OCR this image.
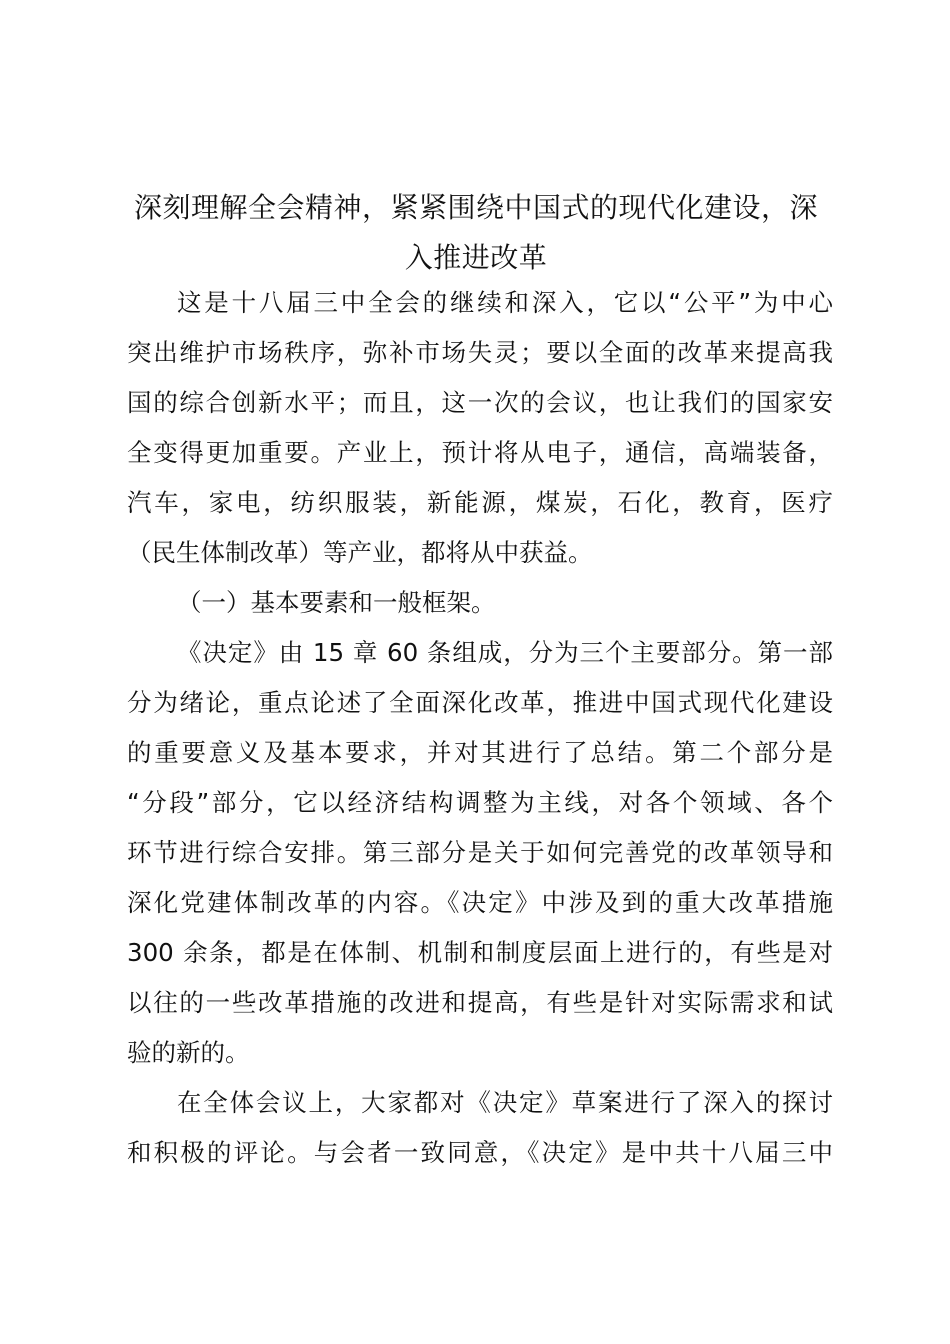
深刻理解全会精神，紧紧围绕中国式的现代化建设，深
入推进改革
这是十八届三中全会的继续和深入，它以“公平”为中心
突出维护市场秩序，弥补市场失灵；要以全面的改革来提高我
国的综合创新水平；而且，这一次的会议，也让我们的国家安
全变得更加重要。产业上，预计将从电子，通信，高端装备，
汽车，家电，纺织服装，新能源，煤炭，石化，教育，医疗
（民生体制改革）等产业，都将从中获益。
（一）基本要素和一般框架。
《决定》由 15 章 60 条组成，分为三个主要部分。第一部
分为绪论，重点论述了全面深化改革，推进中国式现代化建设
的重要意义及基本要求，并对其进行了总结。第二个部分是
“分段”部分，它以经济结构调整为主线，对各个领域、各个
环节进行综合安排。第三部分是关于如何完善党的改革领导和
深化党建体制改革的内容。《决定》中涉及到的重大改革措施
300 余条，都是在体制、机制和制度层面上进行的，有些是对
以往的一些改革措施的改进和提高，有些是针对实际需求和试
验的新的。
在全体会议上，大家都对《决定》草案进行了深入的探讨
和积极的评论。与会者一致同意，《决定》是中共十八届三中
